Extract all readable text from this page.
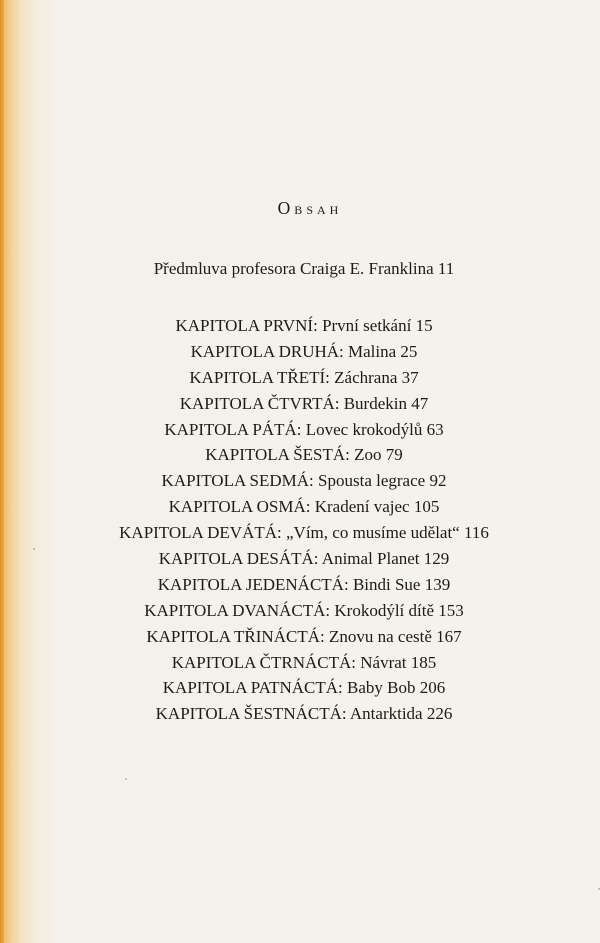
Obsah
Předmluva profesora Craiga E. Franklina 11
KAPITOLA PRVNÍ: První setkání 15
KAPITOLA DRUHÁ: Malina 25
KAPITOLA TŘETÍ: Záchrana 37
KAPITOLA ČTVRTÁ: Burdekin 47
KAPITOLA PÁTÁ: Lovec krokodýlů 63
KAPITOLA ŠESTÁ: Zoo 79
KAPITOLA SEDMÁ: Spousta legrace 92
KAPITOLA OSMÁ: Kradení vajec 105
KAPITOLA DEVÁTÁ: „Vím, co musíme udělat“ 116
KAPITOLA DESÁTÁ: Animal Planet 129
KAPITOLA JEDENÁCTÁ: Bindi Sue 139
KAPITOLA DVANÁCTÁ: Krokodýlí dítě 153
KAPITOLA TŘINÁCTÁ: Znovu na cestě 167
KAPITOLA ČTRNÁCTÁ: Návrat 185
KAPITOLA PATNÁCTÁ: Baby Bob 206
KAPITOLA ŠESTNÁCTÁ: Antarktida 226
